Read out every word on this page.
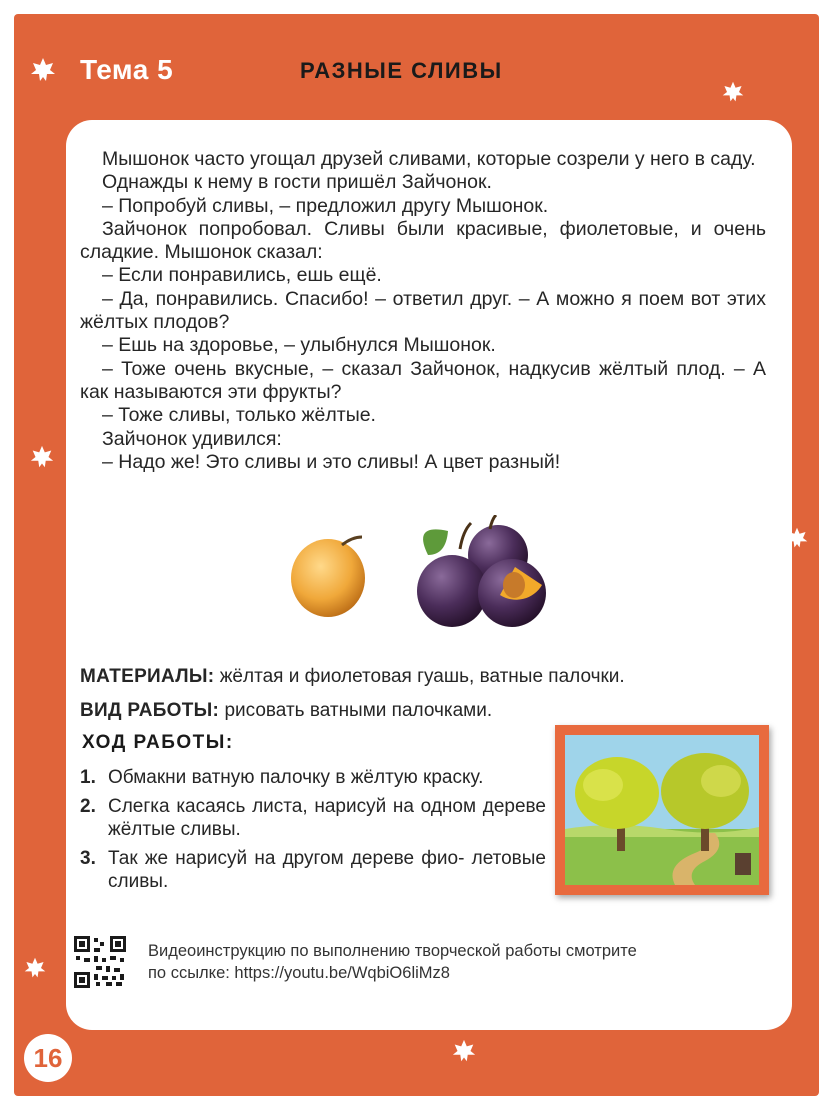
Тема 5	РАЗНЫЕ СЛИВЫ
16

Мышонок часто угощал друзей сливами, которые созрели у него в саду.

Однажды к нему в гости пришёл Зайчонок.

– Попробуй сливы, – предложил другу Мышонок.

Зайчонок попробовал. Сливы были красивые, фиолетовые, и очень сладкие. Мышонок сказал:

– Если понравились, ешь ещё.

– Да, понравились. Спасибо! – ответил друг. – А можно я поем вот этих жёлтых плодов?

– Ешь на здоровье, – улыбнулся Мышонок.

– Тоже очень вкусные, – сказал Зайчонок, надкусив жёлтый плод. – А как называются эти фрукты?

– Тоже сливы, только жёлтые.

Зайчонок удивился:

– Надо же! Это сливы и это сливы! А цвет разный!

МАТЕРИАЛЫ: жёлтая и фиолетовая гуашь, ватные палочки.
ВИД РАБОТЫ: рисовать ватными палочками.
ХОД РАБОТЫ:
1. Обмакни ватную палочку в жёлтую краску.
2. Слегка касаясь листа, нарисуй на одном дереве жёлтые сливы.
3. Так же нарисуй на другом дереве фио- летовые сливы.
Видеоинструкцию по выполнению творческой работы смотрите
по ссылке: https://youtu.be/WqbiO6liMz8
